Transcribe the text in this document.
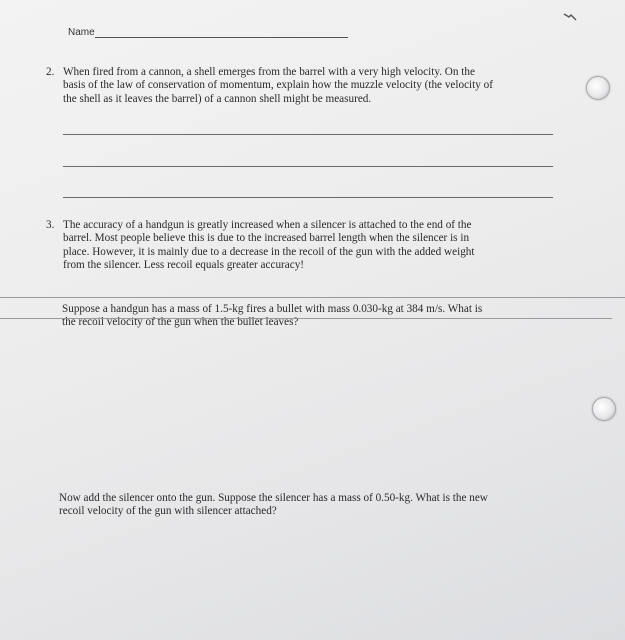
Name
2. When fired from a cannon, a shell emerges from the barrel with a very high velocity. On the
basis of the law of conservation of momentum, explain how the muzzle velocity (the velocity of
the shell as it leaves the barrel) of a cannon shell might be measured.
3. The accuracy of a handgun is greatly increased when a silencer is attached to the end of the
barrel. Most people believe this is due to the increased barrel length when the silencer is in
place. However, it is mainly due to a decrease in the recoil of the gun with the added weight
from the silencer. Less recoil equals greater accuracy!
Suppose a handgun has a mass of 1.5-kg fires a bullet with mass 0.030-kg at 384 m/s. What is
the recoil velocity of the gun when the bullet leaves?
Now add the silencer onto the gun. Suppose the silencer has a mass of 0.50-kg. What is the new
recoil velocity of the gun with silencer attached?
